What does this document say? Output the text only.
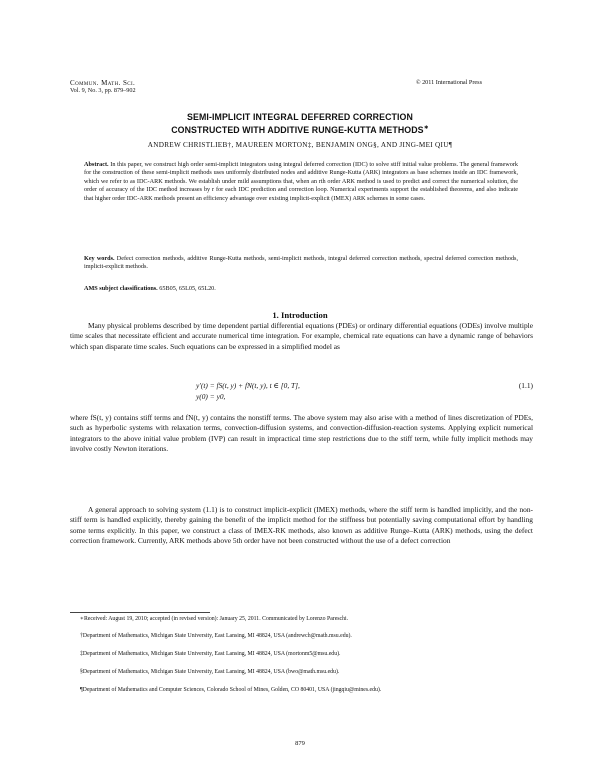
Commun. Math. Sci.
Vol. 9, No. 3, pp. 879–902
© 2011 International Press
SEMI-IMPLICIT INTEGRAL DEFERRED CORRECTION
CONSTRUCTED WITH ADDITIVE RUNGE-KUTTA METHODS∗
ANDREW CHRISTLIEB†, MAUREEN MORTON‡, BENJAMIN ONG§, AND JING-MEI QIU¶
Abstract. In this paper, we construct high order semi-implicit integrators using integral deferred correction (IDC) to solve stiff initial value problems. The general framework for the construction of these semi-implicit methods uses uniformly distributed nodes and additive Runge-Kutta (ARK) integrators as base schemes inside an IDC framework, which we refer to as IDC-ARK methods. We establish under mild assumptions that, when an rth order ARK method is used to predict and correct the numerical solution, the order of accuracy of the IDC method increases by r for each IDC prediction and correction loop. Numerical experiments support the established theorems, and also indicate that higher order IDC-ARK methods present an efficiency advantage over existing implicit-explicit (IMEX) ARK schemes in some cases.
Key words. Defect correction methods, additive Runge-Kutta methods, semi-implicit methods, integral deferred correction methods, spectral deferred correction methods, implicit-explicit methods.
AMS subject classifications. 65B05, 65L05, 65L20.
1. Introduction
Many physical problems described by time dependent partial differential equations (PDEs) or ordinary differential equations (ODEs) involve multiple time scales that necessitate efficient and accurate numerical time integration. For example, chemical rate equations can have a dynamic range of behaviors which span disparate time scales. Such equations can be expressed in a simplified model as
y′(t) = fS(t, y) + fN(t, y), t ∈ [0, T],
y(0) = y0,
(1.1)
where fS(t, y) contains stiff terms and fN(t, y) contains the nonstiff terms. The above system may also arise with a method of lines discretization of PDEs, such as hyperbolic systems with relaxation terms, convection-diffusion systems, and convection-diffusion-reaction systems. Applying explicit numerical integrators to the above initial value problem (IVP) can result in impractical time step restrictions due to the stiff term, while fully implicit methods may involve costly Newton iterations.
A general approach to solving system (1.1) is to construct implicit-explicit (IMEX) methods, where the stiff term is handled implicitly, and the non-stiff term is handled explicitly, thereby gaining the benefit of the implicit method for the stiffness but potentially saving computational effort by handling some terms explicitly. In this paper, we construct a class of IMEX-RK methods, also known as additive Runge–Kutta (ARK) methods, using the defect correction framework. Currently, ARK methods above 5th order have not been constructed without the use of a defect correction
∗Received: August 19, 2010; accepted (in revised version): January 25, 2011. Communicated by Lorenzo Pareschi.
†Department of Mathematics, Michigan State University, East Lansing, MI 48824, USA (andrewch@math.msu.edu).
‡Department of Mathematics, Michigan State University, East Lansing, MI 48824, USA (mortonm5@msu.edu).
§Department of Mathematics, Michigan State University, East Lansing, MI 48824, USA (bwo@math.msu.edu).
¶Department of Mathematics and Computer Sciences, Colorado School of Mines, Golden, CO 80401, USA (jingqiu@mines.edu).
879
